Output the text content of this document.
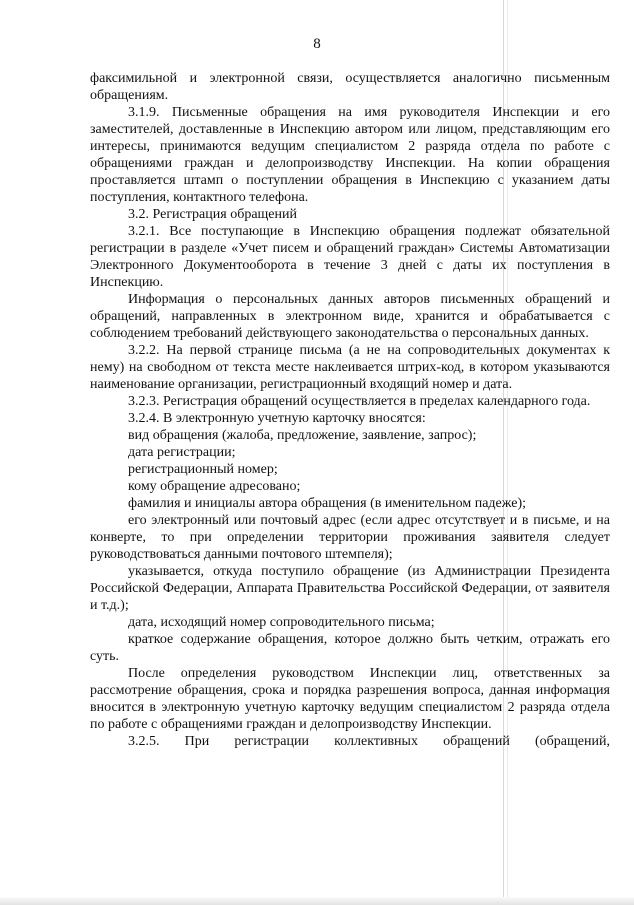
8

факсимильной и электронной связи, осуществляется аналогично письменным обращениям.

3.1.9. Письменные обращения на имя руководителя Инспекции и его заместителей, доставленные в Инспекцию автором или лицом, представляющим его интересы, принимаются ведущим специалистом 2 разряда отдела по работе с обращениями граждан и делопроизводству Инспекции. На копии обращения проставляется штамп о поступлении обращения в Инспекцию с указанием даты поступления, контактного телефона.

3.2. Регистрация обращений

3.2.1. Все поступающие в Инспекцию обращения подлежат обязательной регистрации в разделе «Учет писем и обращений граждан» Системы Автоматизации Электронного Документооборота в течение 3 дней с даты их поступления в Инспекцию.

Информация о персональных данных авторов письменных обращений и обращений, направленных в электронном виде, хранится и обрабатывается с соблюдением требований действующего законодательства о персональных данных.

3.2.2. На первой странице письма (а не на сопроводительных документах к нему) на свободном от текста месте наклеивается штрих-код, в котором указываются наименование организации, регистрационный входящий номер и дата.

3.2.3. Регистрация обращений осуществляется в пределах календарного года.

3.2.4. В электронную учетную карточку вносятся:

вид обращения (жалоба, предложение, заявление, запрос);

дата регистрации;

регистрационный номер;

кому обращение адресовано;

фамилия и инициалы автора обращения (в именительном падеже);

его электронный или почтовый адрес (если адрес отсутствует и в письме, и на конверте, то при определении территории проживания заявителя следует руководствоваться данными почтового штемпеля);

указывается, откуда поступило обращение (из Администрации Президента Российской Федерации, Аппарата Правительства Российской Федерации, от заявителя и т.д.);

дата, исходящий номер сопроводительного письма;

краткое содержание обращения, которое должно быть четким, отражать его суть.

После определения руководством Инспекции лиц, ответственных за рассмотрение обращения, срока и порядка разрешения вопроса, данная информация вносится в электронную учетную карточку ведущим специалистом 2 разряда отдела по работе с обращениями граждан и делопроизводству Инспекции.

3.2.5. При регистрации коллективных обращений (обращений,
